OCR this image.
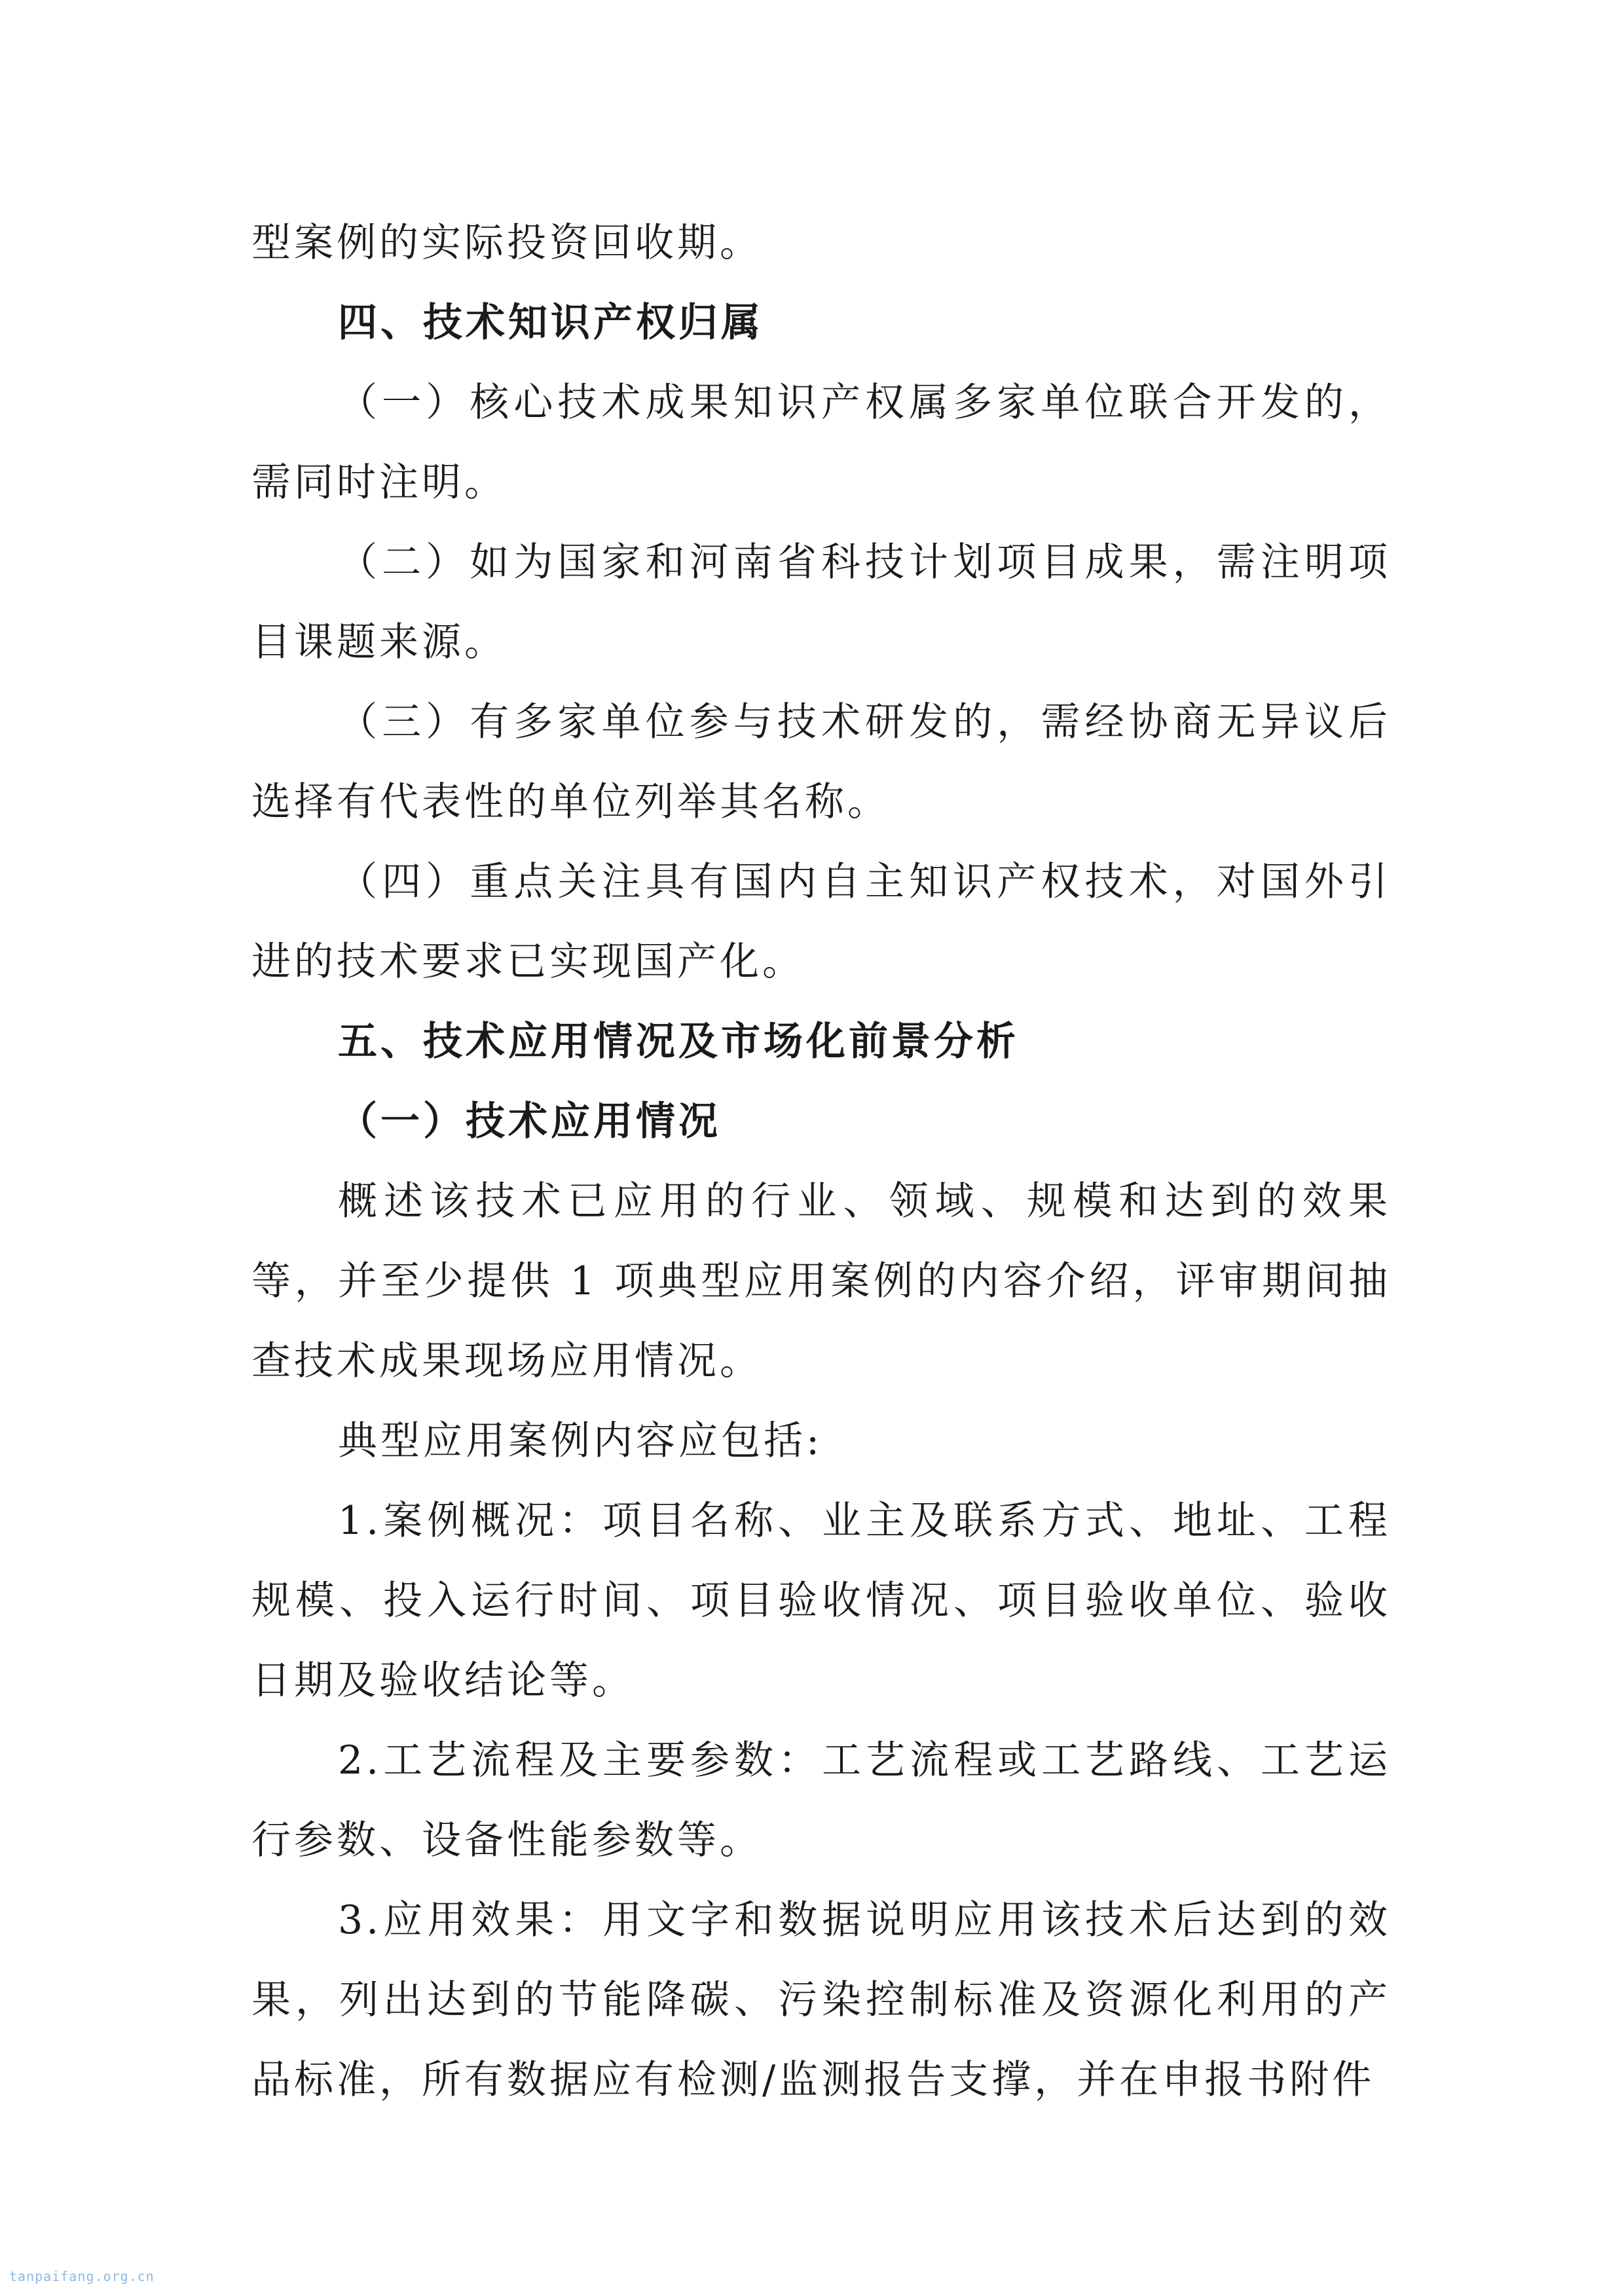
型案例的实际投资回收期。

四、技术知识产权归属

（一）核心技术成果知识产权属多家单位联合开发的，需同时注明。

（二）如为国家和河南省科技计划项目成果，需注明项目课题来源。

（三）有多家单位参与技术研发的，需经协商无异议后选择有代表性的单位列举其名称。

（四）重点关注具有国内自主知识产权技术，对国外引进的技术要求已实现国产化。

五、技术应用情况及市场化前景分析

（一）技术应用情况

概述该技术已应用的行业、领域、规模和达到的效果等，并至少提供 1 项典型应用案例的内容介绍，评审期间抽查技术成果现场应用情况。

典型应用案例内容应包括:

1.案例概况：项目名称、业主及联系方式、地址、工程规模、投入运行时间、项目验收情况、项目验收单位、验收日期及验收结论等。

2.工艺流程及主要参数：工艺流程或工艺路线、工艺运行参数、设备性能参数等。

3.应用效果：用文字和数据说明应用该技术后达到的效果，列出达到的节能降碳、污染控制标准及资源化利用的产品标准，所有数据应有检测/监测报告支撑，并在申报书附件

tanpaifang.org.cn
